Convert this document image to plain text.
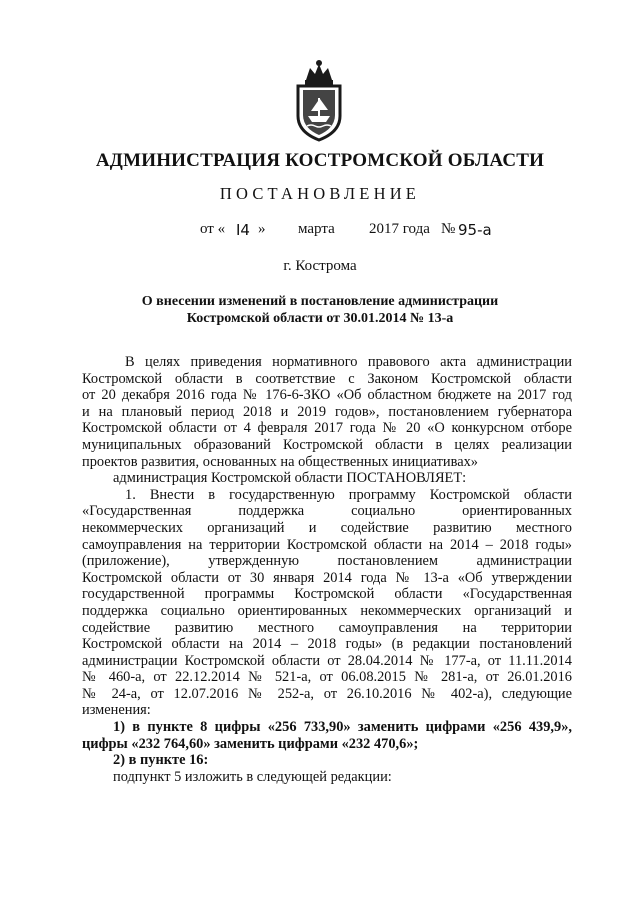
АДМИНИСТРАЦИЯ КОСТРОМСКОЙ ОБЛАСТИ
ПОСТАНОВЛЕНИЕ
от « I4 » марта 2017 года № 95-а
г. Кострома
О внесении изменений в постановление администрации
Костромской области от 30.01.2014 № 13-а
В целях приведения нормативного правового акта администрации
Костромской области в соответствие с Законом Костромской области
от 20 декабря 2016 года № 176-6-ЗКО «Об областном бюджете на 2017 год
и на плановый период 2018 и 2019 годов», постановлением губернатора
Костромской области от 4 февраля 2017 года № 20 «О конкурсном отборе
муниципальных образований Костромской области в целях реализации
проектов развития, основанных на общественных инициативах»
администрация Костромской области ПОСТАНОВЛЯЕТ:
1. Внести в государственную программу Костромской области
«Государственная поддержка социально ориентированных
некоммерческих организаций и содействие развитию местного
самоуправления на территории Костромской области на 2014 – 2018 годы»
(приложение), утвержденную постановлением администрации
Костромской области от 30 января 2014 года № 13-а «Об утверждении
государственной программы Костромской области «Государственная
поддержка социально ориентированных некоммерческих организаций и
содействие развитию местного самоуправления на территории
Костромской области на 2014 – 2018 годы» (в редакции постановлений
администрации Костромской области от 28.04.2014 № 177-а, от 11.11.2014
№ 460-а, от 22.12.2014 № 521-а, от 06.08.2015 № 281-а, от 26.01.2016
№ 24-а, от 12.07.2016 № 252-а, от 26.10.2016 № 402-а), следующие
изменения:
1) в пункте 8 цифры «256 733,90» заменить цифрами «256 439,9»,
цифры «232 764,60» заменить цифрами «232 470,6»;
2) в пункте 16:
подпункт 5 изложить в следующей редакции:
